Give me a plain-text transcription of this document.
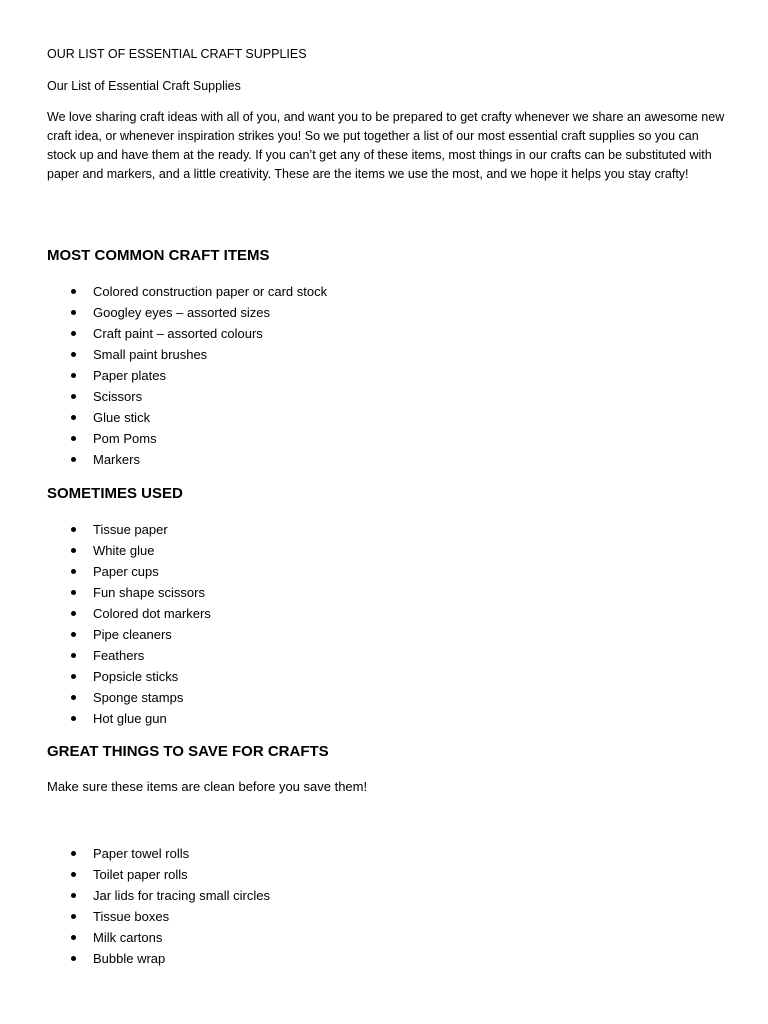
OUR LIST OF ESSENTIAL CRAFT SUPPLIES

Our List of Essential Craft Supplies

We love sharing craft ideas with all of you, and want you to be prepared to get crafty whenever we share an awesome new craft idea, or whenever inspiration strikes you! So we put together a list of our most essential craft supplies so you can stock up and have them at the ready. If you can’t get any of these items, most things in our crafts can be substituted with paper and markers, and a little creativity. These are the items we use the most, and we hope it helps you stay crafty!

MOST COMMON CRAFT ITEMS
Colored construction paper or card stock
Googley eyes – assorted sizes
Craft paint – assorted colours
Small paint brushes
Paper plates
Scissors
Glue stick
Pom Poms
Markers
SOMETIMES USED
Tissue paper
White glue
Paper cups
Fun shape scissors
Colored dot markers
Pipe cleaners
Feathers
Popsicle sticks
Sponge stamps
Hot glue gun
GREAT THINGS TO SAVE FOR CRAFTS

Make sure these items are clean before you save them!

Paper towel rolls
Toilet paper rolls
Jar lids for tracing small circles
Tissue boxes
Milk cartons
Bubble wrap
